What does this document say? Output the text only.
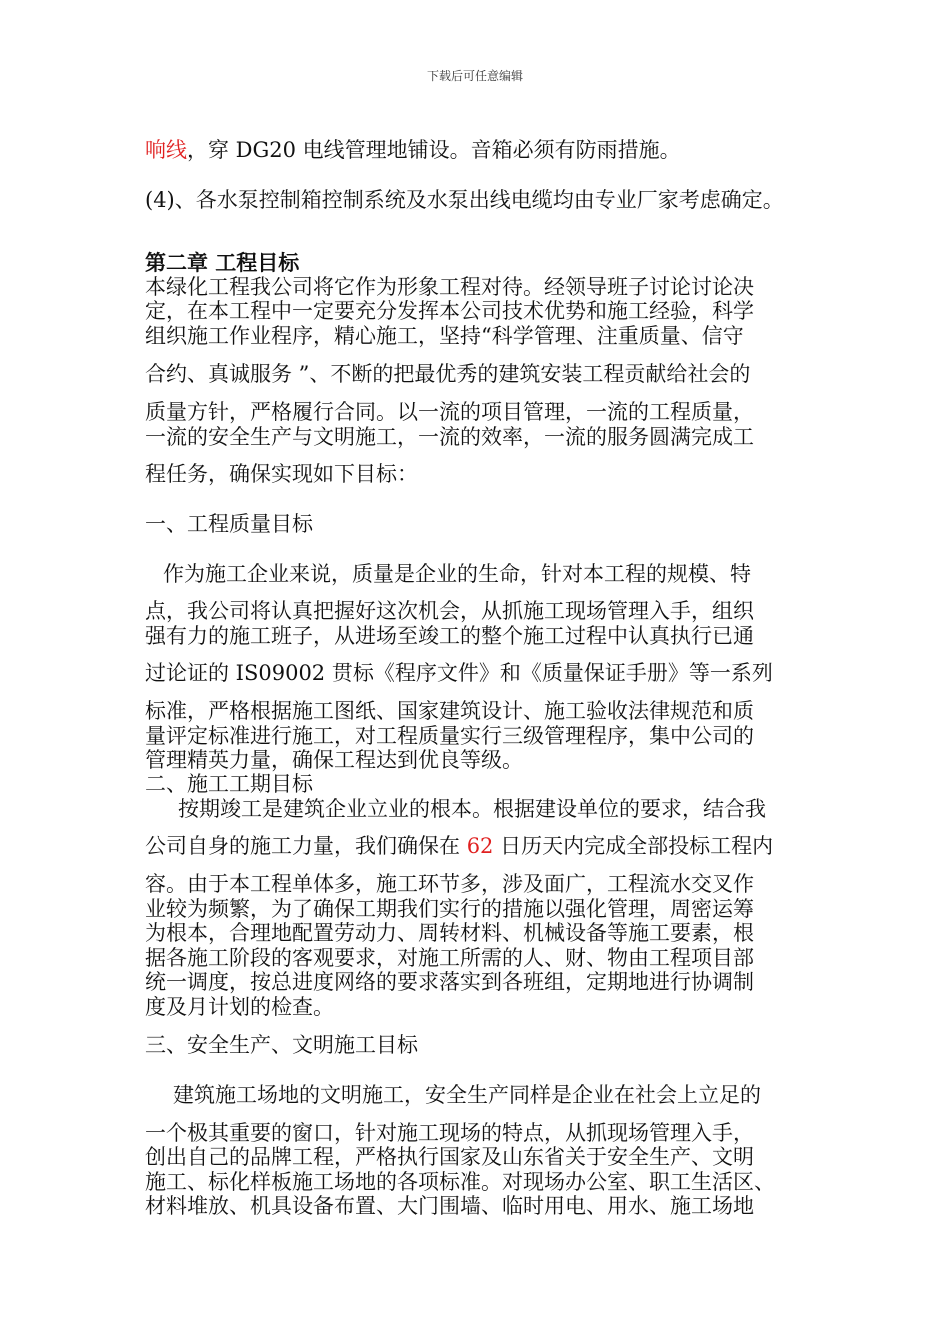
下载后可任意编辑
响线，穿 DG20 电线管理地铺设。音箱必须有防雨措施。
(4)、各水泵控制箱控制系统及水泵出线电缆均由专业厂家考虑确定。
第二章 工程目标
本绿化工程我公司将它作为形象工程对待。经领导班子讨论讨论决
定，在本工程中一定要充分发挥本公司技术优势和施工经验，科学
组织施工作业程序，精心施工，坚持“科学管理、注重质量、信守
合约、真诚服务 ”、不断的把最优秀的建筑安装工程贡献给社会的
质量方针，严格履行合同。以一流的项目管理，一流的工程质量，
一流的安全生产与文明施工，一流的效率，一流的服务圆满完成工
程任务，确保实现如下目标：
一、工程质量目标
作为施工企业来说，质量是企业的生命，针对本工程的规模、特
点，我公司将认真把握好这次机会，从抓施工现场管理入手，组织
强有力的施工班子，从进场至竣工的整个施工过程中认真执行已通
过论证的 IS09002 贯标《程序文件》和《质量保证手册》等一系列
标准，严格根据施工图纸、国家建筑设计、施工验收法律规范和质
量评定标准进行施工，对工程质量实行三级管理程序，集中公司的
管理精英力量，确保工程达到优良等级。
二、施工工期目标
按期竣工是建筑企业立业的根本。根据建设单位的要求，结合我
公司自身的施工力量，我们确保在 62 日历天内完成全部投标工程内
容。由于本工程单体多，施工环节多，涉及面广，工程流水交叉作
业较为频繁，为了确保工期我们实行的措施以强化管理，周密运筹
为根本，合理地配置劳动力、周转材料、机械设备等施工要素，根
据各施工阶段的客观要求，对施工所需的人、财、物由工程项目部
统一调度，按总进度网络的要求落实到各班组，定期地进行协调制
度及月计划的检查。
三、安全生产、文明施工目标
建筑施工场地的文明施工，安全生产同样是企业在社会上立足的
一个极其重要的窗口，针对施工现场的特点，从抓现场管理入手，
创出自己的品牌工程，严格执行国家及山东省关于安全生产、文明
施工、标化样板施工场地的各项标准。对现场办公室、职工生活区、
材料堆放、机具设备布置、大门围墙、临时用电、用水、施工场地
